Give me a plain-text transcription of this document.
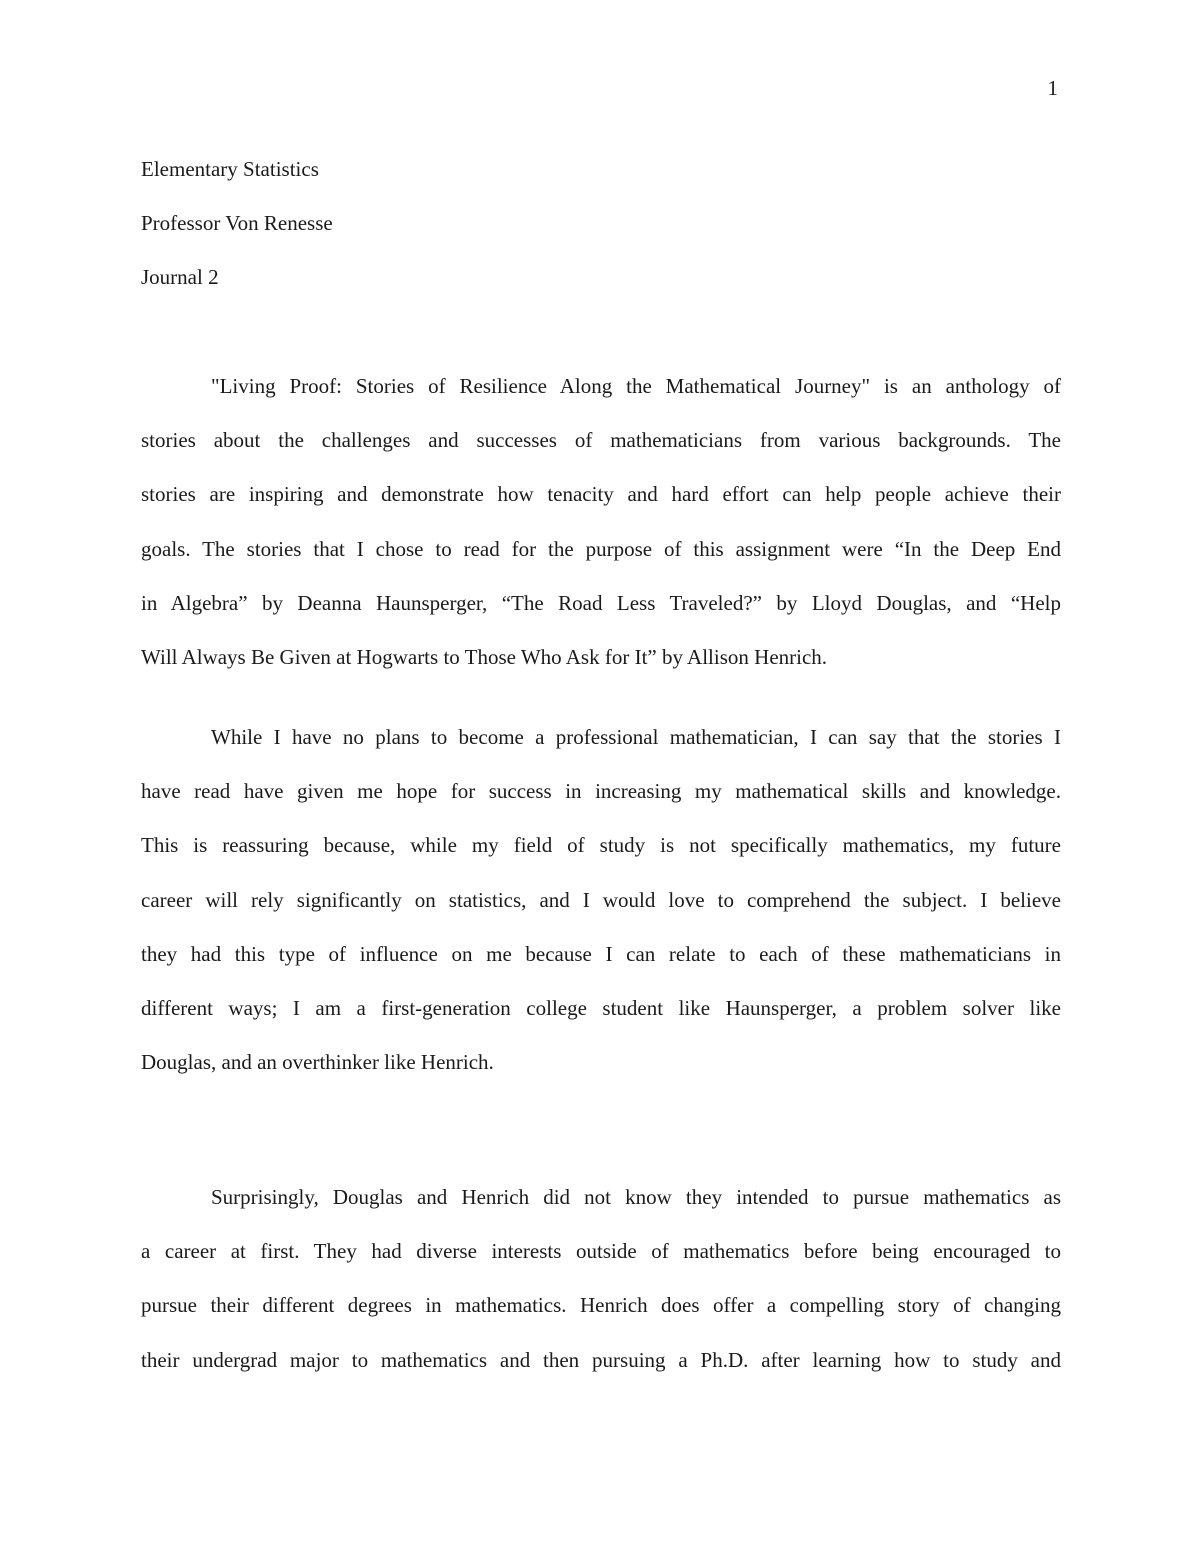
1

Elementary Statistics

Professor Von Renesse

Journal 2

"Living Proof: Stories of Resilience Along the Mathematical Journey" is an anthology of
stories about the challenges and successes of mathematicians from various backgrounds. The
stories are inspiring and demonstrate how tenacity and hard effort can help people achieve their
goals. The stories that I chose to read for the purpose of this assignment were “In the Deep End
in Algebra” by Deanna Haunsperger, “The Road Less Traveled?” by Lloyd Douglas, and “Help
Will Always Be Given at Hogwarts to Those Who Ask for It” by Allison Henrich.

While I have no plans to become a professional mathematician, I can say that the stories I
have read have given me hope for success in increasing my mathematical skills and knowledge.
This is reassuring because, while my field of study is not specifically mathematics, my future
career will rely significantly on statistics, and I would love to comprehend the subject. I believe
they had this type of influence on me because I can relate to each of these mathematicians in
different ways; I am a first-generation college student like Haunsperger, a problem solver like
Douglas, and an overthinker like Henrich.

Surprisingly, Douglas and Henrich did not know they intended to pursue mathematics as
a career at first. They had diverse interests outside of mathematics before being encouraged to
pursue their different degrees in mathematics. Henrich does offer a compelling story of changing
their undergrad major to mathematics and then pursuing a Ph.D. after learning how to study and
